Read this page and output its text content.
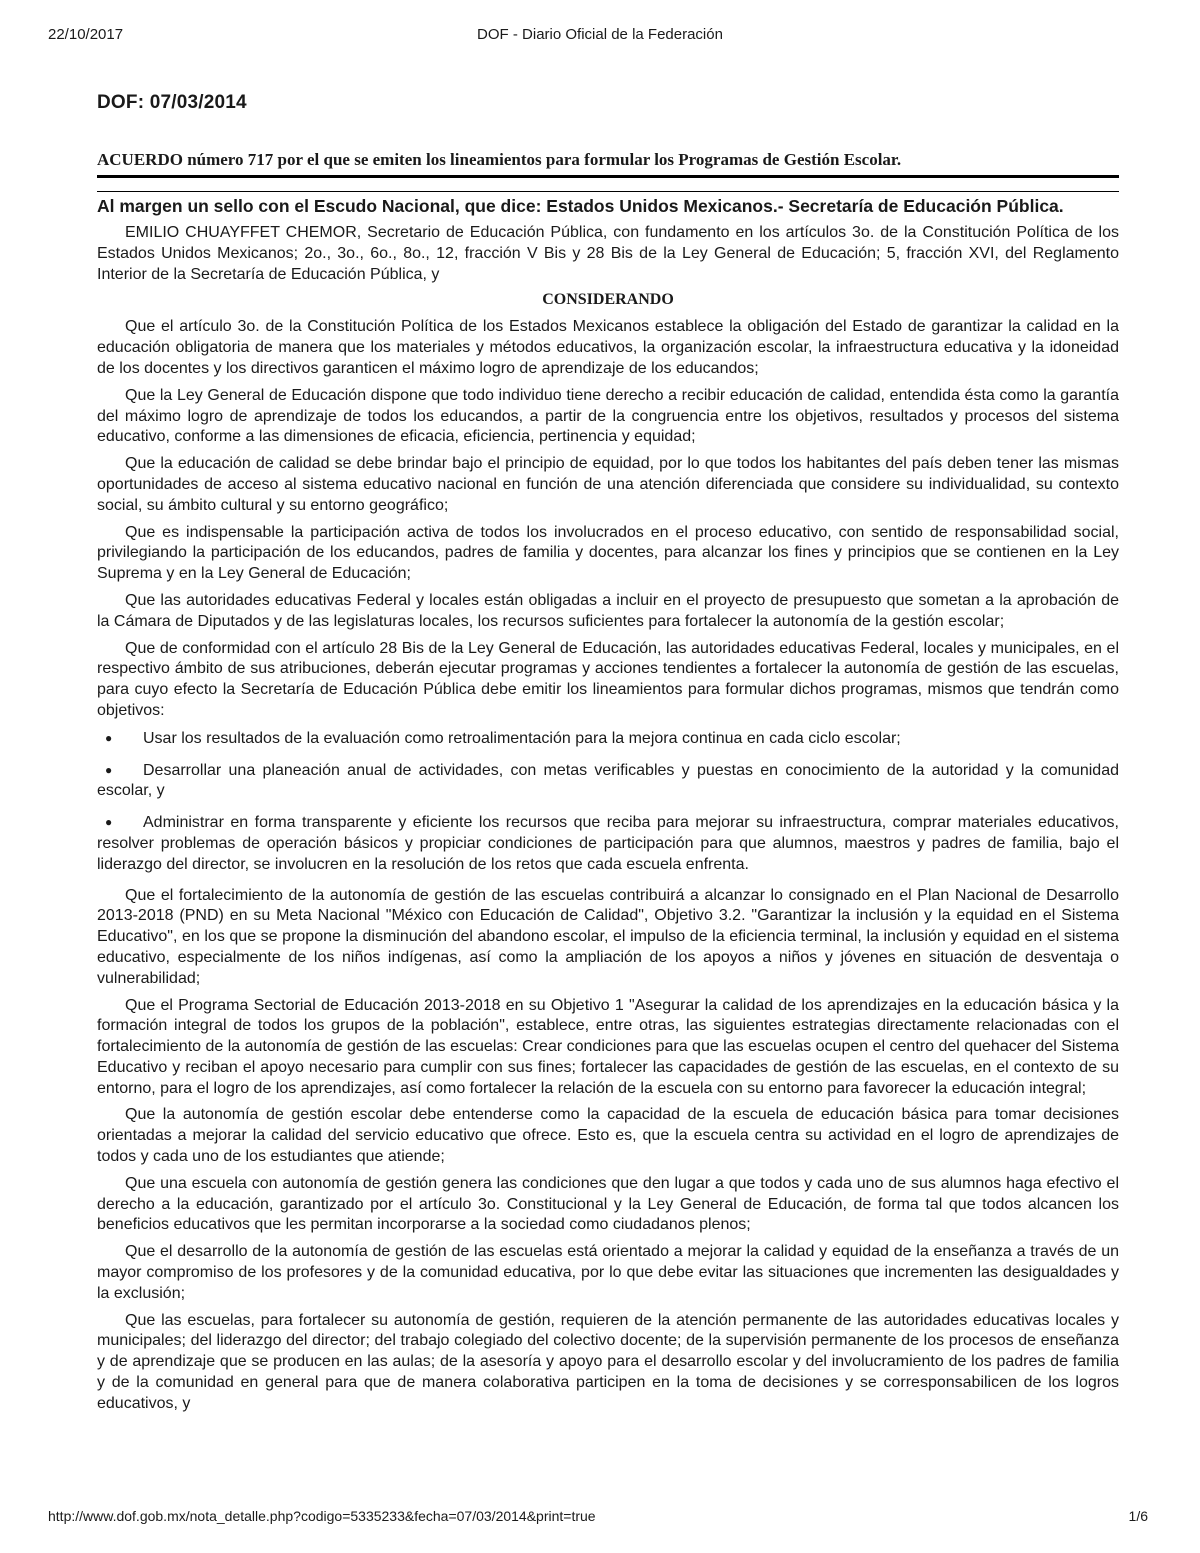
22/10/2017	DOF - Diario Oficial de la Federación
DOF: 07/03/2014
ACUERDO número 717 por el que se emiten los lineamientos para formular los Programas de Gestión Escolar.
Al margen un sello con el Escudo Nacional, que dice: Estados Unidos Mexicanos.- Secretaría de Educación Pública.

EMILIO CHUAYFFET CHEMOR, Secretario de Educación Pública, con fundamento en los artículos 3o. de la Constitución Política de los Estados Unidos Mexicanos; 2o., 3o., 6o., 8o., 12, fracción V Bis y 28 Bis de la Ley General de Educación; 5, fracción XVI, del Reglamento Interior de la Secretaría de Educación Pública, y

CONSIDERANDO

Que el artículo 3o. de la Constitución Política de los Estados Mexicanos establece la obligación del Estado de garantizar la calidad en la educación obligatoria de manera que los materiales y métodos educativos, la organización escolar, la infraestructura educativa y la idoneidad de los docentes y los directivos garanticen el máximo logro de aprendizaje de los educandos;

Que la Ley General de Educación dispone que todo individuo tiene derecho a recibir educación de calidad, entendida ésta como la garantía del máximo logro de aprendizaje de todos los educandos, a partir de la congruencia entre los objetivos, resultados y procesos del sistema educativo, conforme a las dimensiones de eficacia, eficiencia, pertinencia y equidad;

Que la educación de calidad se debe brindar bajo el principio de equidad, por lo que todos los habitantes del país deben tener las mismas oportunidades de acceso al sistema educativo nacional en función de una atención diferenciada que considere su individualidad, su contexto social, su ámbito cultural y su entorno geográfico;

Que es indispensable la participación activa de todos los involucrados en el proceso educativo, con sentido de responsabilidad social, privilegiando la participación de los educandos, padres de familia y docentes, para alcanzar los fines y principios que se contienen en la Ley Suprema y en la Ley General de Educación;

Que las autoridades educativas Federal y locales están obligadas a incluir en el proyecto de presupuesto que sometan a la aprobación de la Cámara de Diputados y de las legislaturas locales, los recursos suficientes para fortalecer la autonomía de la gestión escolar;

Que de conformidad con el artículo 28 Bis de la Ley General de Educación, las autoridades educativas Federal, locales y municipales, en el respectivo ámbito de sus atribuciones, deberán ejecutar programas y acciones tendientes a fortalecer la autonomía de gestión de las escuelas, para cuyo efecto la Secretaría de Educación Pública debe emitir los lineamientos para formular dichos programas, mismos que tendrán como objetivos:

● Usar los resultados de la evaluación como retroalimentación para la mejora continua en cada ciclo escolar;
● Desarrollar una planeación anual de actividades, con metas verificables y puestas en conocimiento de la autoridad y la comunidad escolar, y
● Administrar en forma transparente y eficiente los recursos que reciba para mejorar su infraestructura, comprar materiales educativos, resolver problemas de operación básicos y propiciar condiciones de participación para que alumnos, maestros y padres de familia, bajo el liderazgo del director, se involucren en la resolución de los retos que cada escuela enfrenta.

Que el fortalecimiento de la autonomía de gestión de las escuelas contribuirá a alcanzar lo consignado en el Plan Nacional de Desarrollo 2013-2018 (PND) en su Meta Nacional "México con Educación de Calidad", Objetivo 3.2. "Garantizar la inclusión y la equidad en el Sistema Educativo", en los que se propone la disminución del abandono escolar, el impulso de la eficiencia terminal, la inclusión y equidad en el sistema educativo, especialmente de los niños indígenas, así como la ampliación de los apoyos a niños y jóvenes en situación de desventaja o vulnerabilidad;

Que el Programa Sectorial de Educación 2013-2018 en su Objetivo 1 "Asegurar la calidad de los aprendizajes en la educación básica y la formación integral de todos los grupos de la población", establece, entre otras, las siguientes estrategias directamente relacionadas con el fortalecimiento de la autonomía de gestión de las escuelas: Crear condiciones para que las escuelas ocupen el centro del quehacer del Sistema Educativo y reciban el apoyo necesario para cumplir con sus fines; fortalecer las capacidades de gestión de las escuelas, en el contexto de su entorno, para el logro de los aprendizajes, así como fortalecer la relación de la escuela con su entorno para favorecer la educación integral;

Que la autonomía de gestión escolar debe entenderse como la capacidad de la escuela de educación básica para tomar decisiones orientadas a mejorar la calidad del servicio educativo que ofrece. Esto es, que la escuela centra su actividad en el logro de aprendizajes de todos y cada uno de los estudiantes que atiende;

Que una escuela con autonomía de gestión genera las condiciones que den lugar a que todos y cada uno de sus alumnos haga efectivo el derecho a la educación, garantizado por el artículo 3o. Constitucional y la Ley General de Educación, de forma tal que todos alcancen los beneficios educativos que les permitan incorporarse a la sociedad como ciudadanos plenos;

Que el desarrollo de la autonomía de gestión de las escuelas está orientado a mejorar la calidad y equidad de la enseñanza a través de un mayor compromiso de los profesores y de la comunidad educativa, por lo que debe evitar las situaciones que incrementen las desigualdades y la exclusión;

Que las escuelas, para fortalecer su autonomía de gestión, requieren de la atención permanente de las autoridades educativas locales y municipales; del liderazgo del director; del trabajo colegiado del colectivo docente; de la supervisión permanente de los procesos de enseñanza y de aprendizaje que se producen en las aulas; de la asesoría y apoyo para el desarrollo escolar y del involucramiento de los padres de familia y de la comunidad en general para que de manera colaborativa participen en la toma de decisiones y se corresponsabilicen de los logros educativos, y

http://www.dof.gob.mx/nota_detalle.php?codigo=5335233&fecha=07/03/2014&print=true	1/6
